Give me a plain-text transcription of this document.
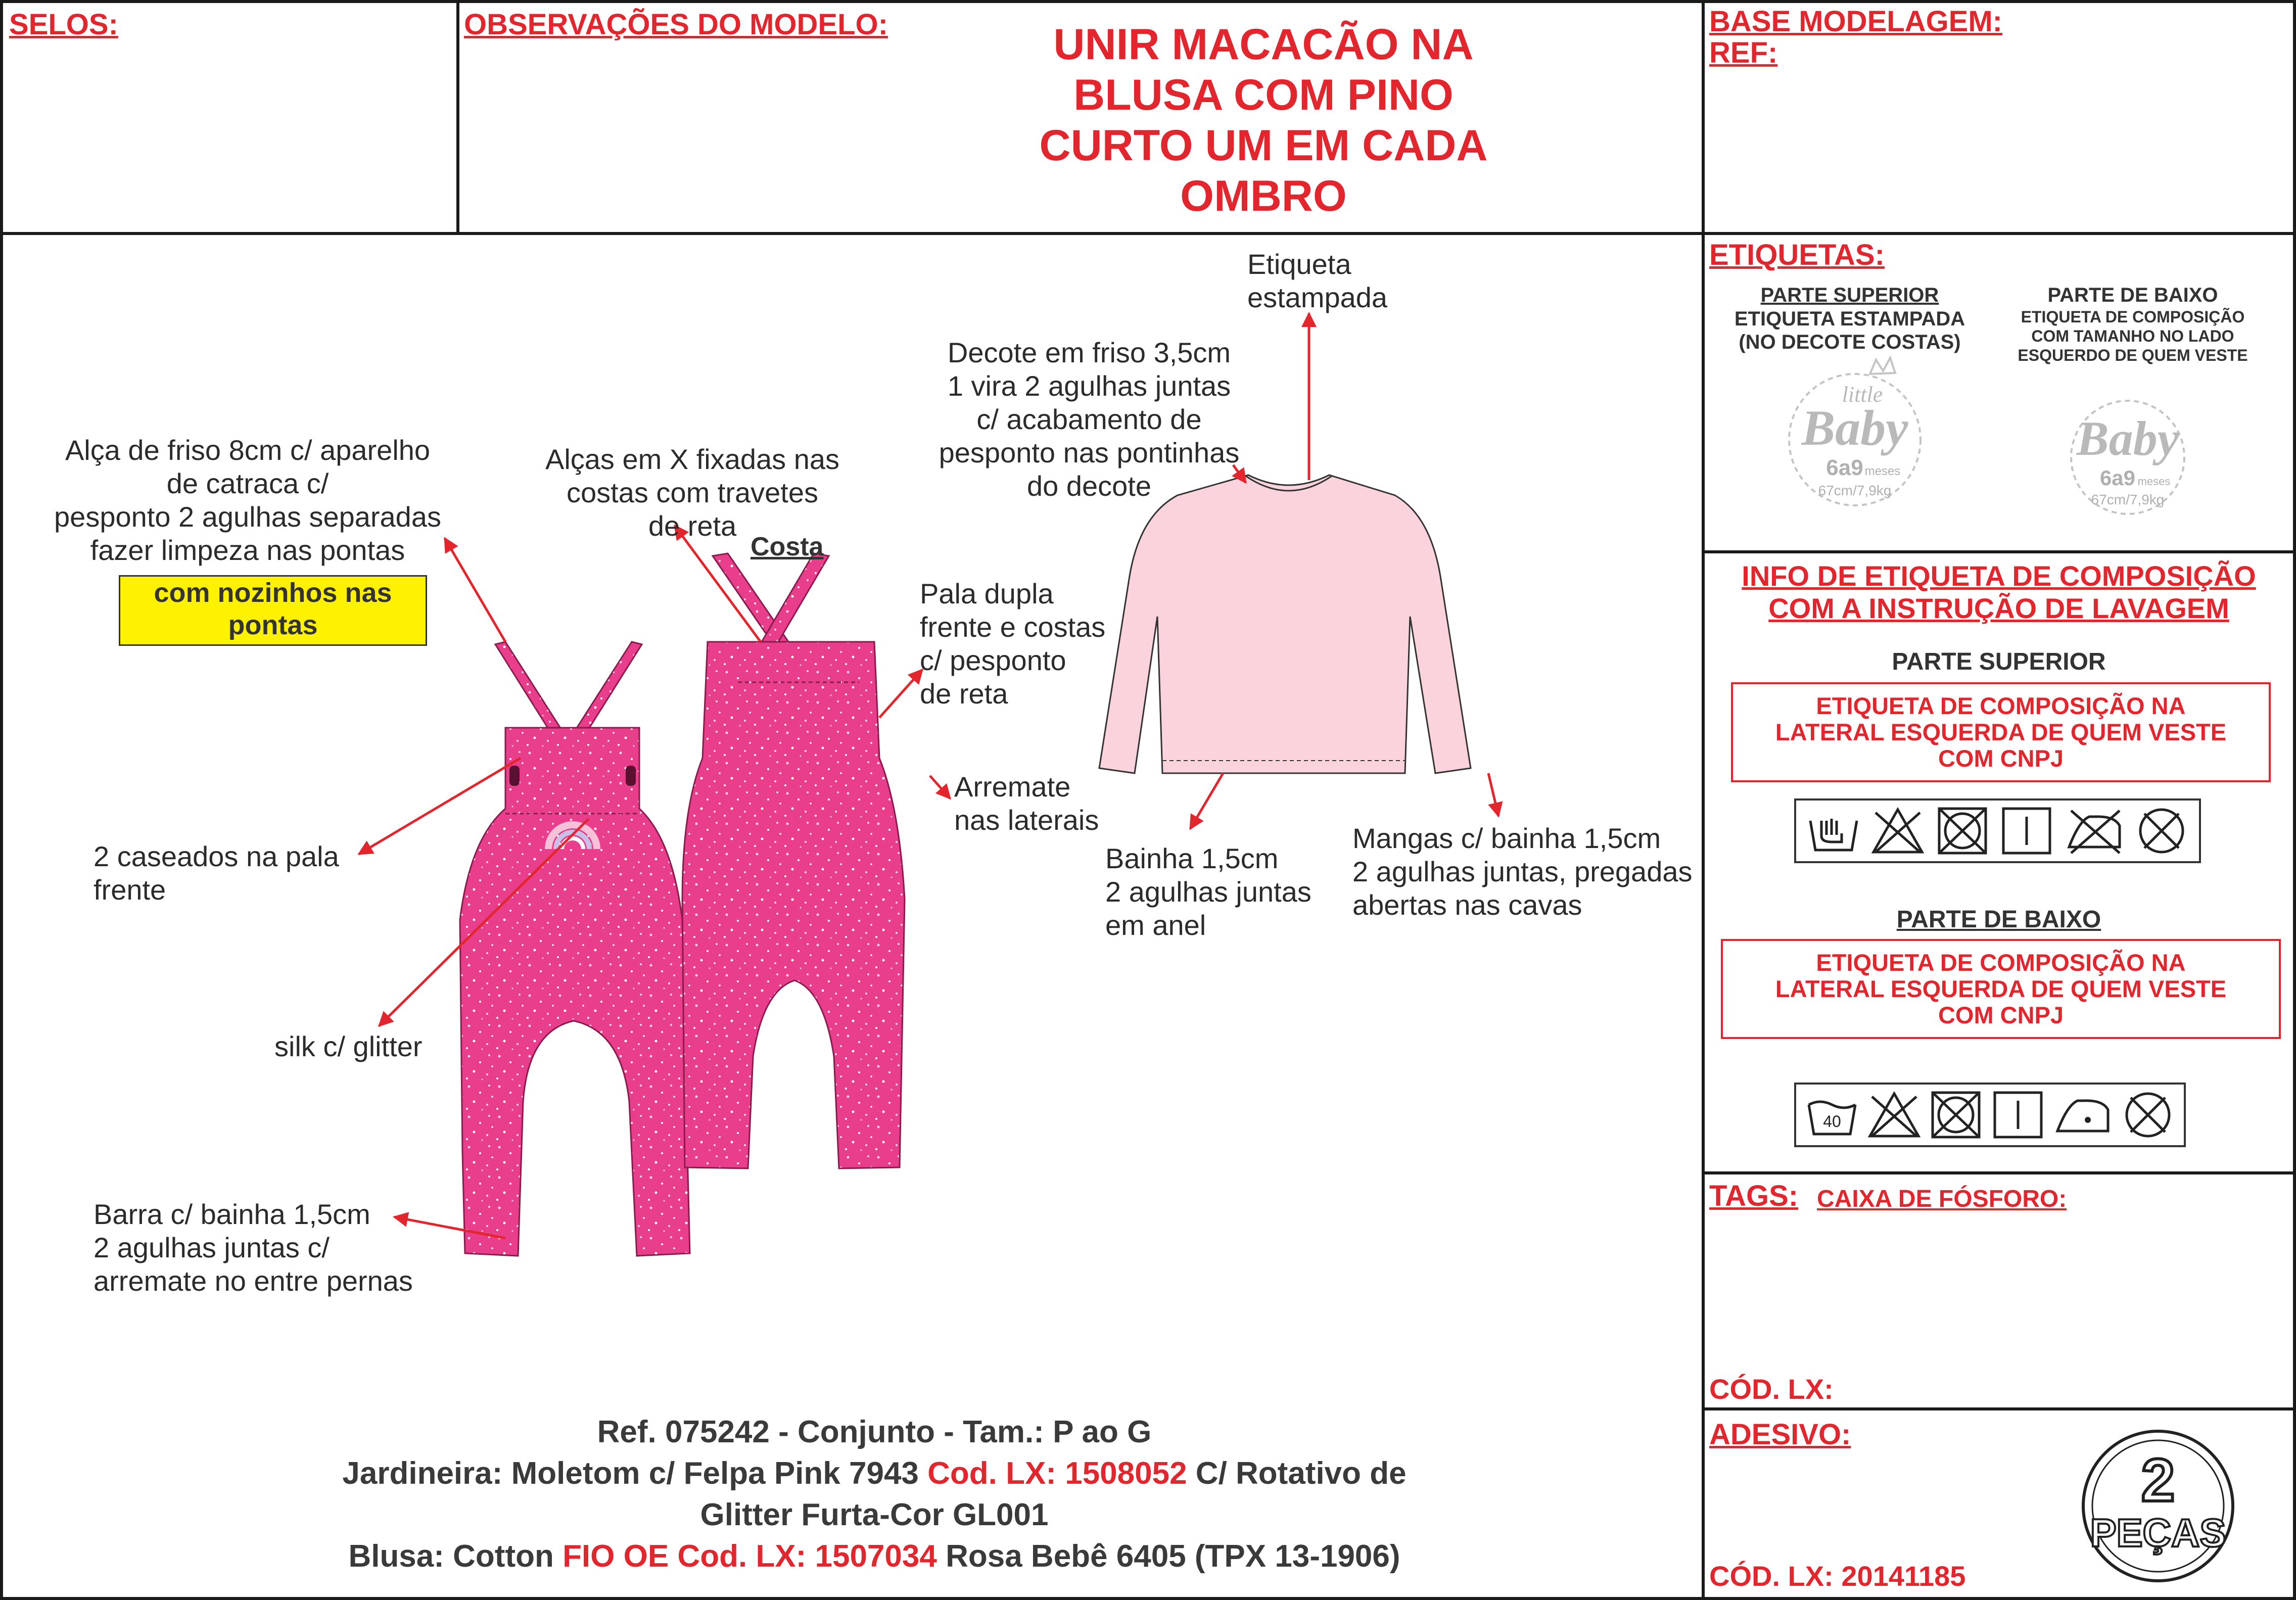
SELOS:	OBSERVAÇÕES DO MODELO:	UNIR MACACÃO NA
BLUSA COM PINO
CURTO UM EM CADA
OMBRO
BASE MODELAGEM:
REF:
ETIQUETAS:
PARTE SUPERIOR
ETIQUETA ESTAMPADA
(NO DECOTE COSTAS)
PARTE DE BAIXO
ETIQUETA DE COMPOSIÇÃO
COM TAMANHO NO LADO
ESQUERDO DE QUEM VESTE
little
Baby
6a9 meses
67cm/7,9kg
Baby
6a9 meses
67cm/7,9kg
INFO DE ETIQUETA DE COMPOSIÇÃO
COM A INSTRUÇÃO DE LAVAGEM
PARTE SUPERIOR
ETIQUETA DE COMPOSIÇÃO NA
LATERAL ESQUERDA DE QUEM VESTE
COM CNPJ
PARTE DE BAIXO
ETIQUETA DE COMPOSIÇÃO NA
LATERAL ESQUERDA DE QUEM VESTE
COM CNPJ
40
TAGS: CAIXA DE FÓSFORO:
CÓD. LX:
ADESIVO:
CÓD. LX: 20141185
2
PEÇAS
Costa
Alça de friso 8cm c/ aparelho
de catraca c/
pesponto 2 agulhas separadas
fazer limpeza nas pontas
com nozinhos nas
pontas
Alças em X fixadas nas
costas com travetes
de reta
Pala dupla
frente e costas
c/ pesponto
de reta
Arremate
nas laterais
2 caseados na pala
frente
silk c/ glitter
Barra c/ bainha 1,5cm
2 agulhas juntas c/
arremate no entre pernas
Etiqueta
estampada
Decote em friso 3,5cm
1 vira 2 agulhas juntas
c/ acabamento de
pesponto nas pontinhas
do decote
Bainha 1,5cm
2 agulhas juntas
em anel
Mangas c/ bainha 1,5cm
2 agulhas juntas, pregadas
abertas nas cavas
Ref. 075242 - Conjunto - Tam.: P ao G
Jardineira: Moletom c/ Felpa Pink 7943 Cod. LX: 1508052 C/ Rotativo de
Glitter Furta-Cor GL001
Blusa: Cotton FIO OE Cod. LX: 1507034 Rosa Bebê 6405 (TPX 13-1906)
